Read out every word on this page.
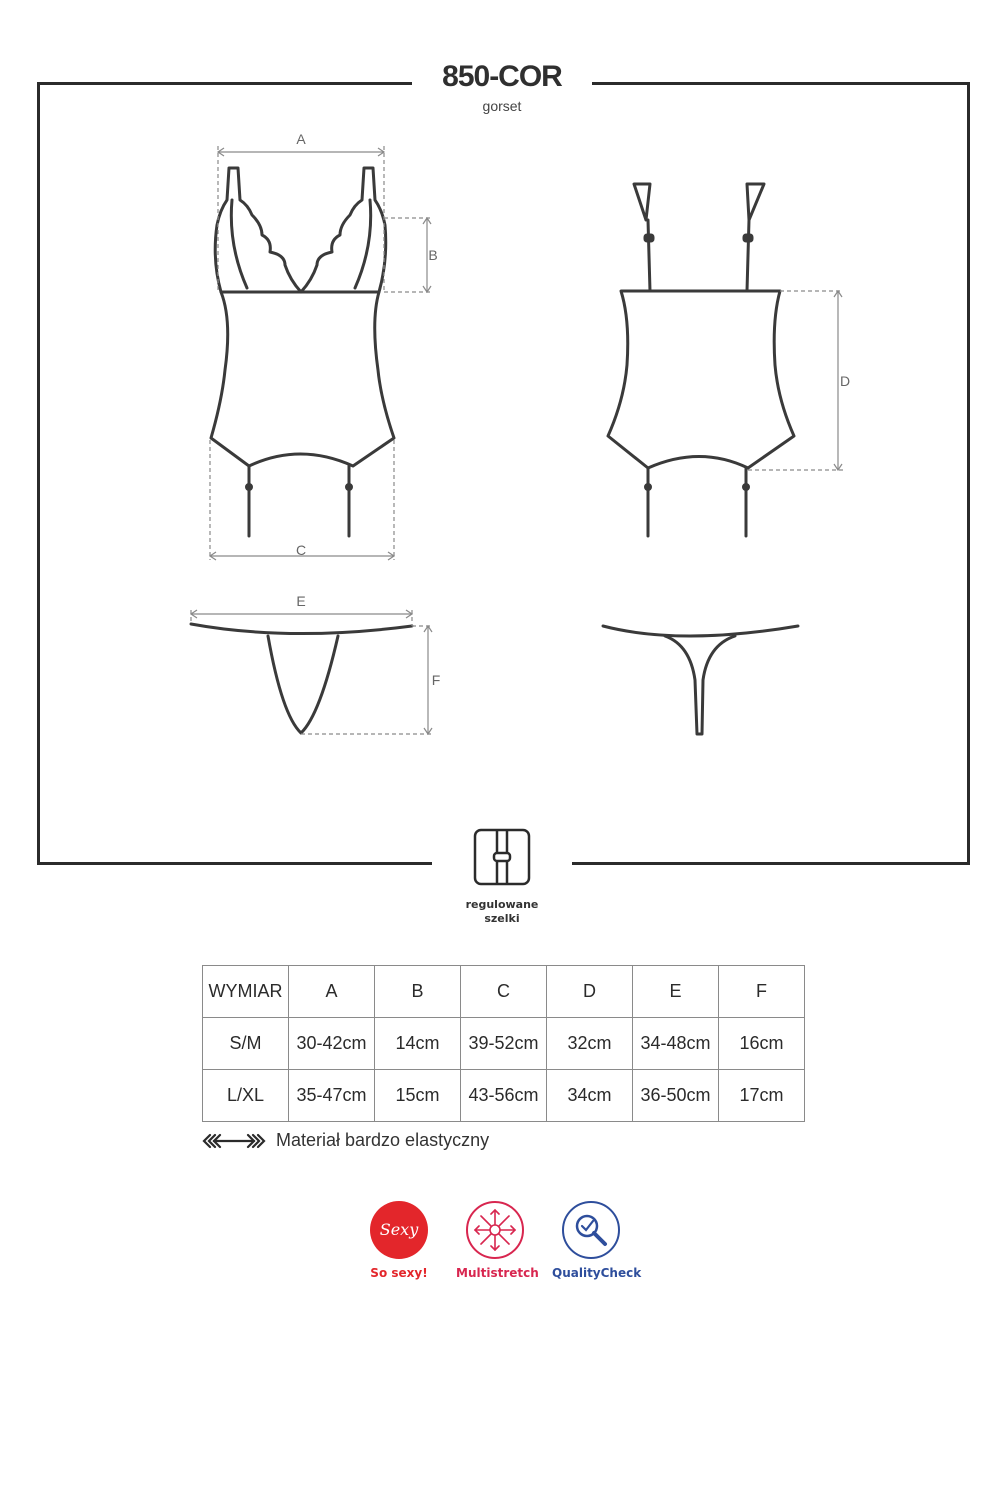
850-COR
gorset
A
B
C
D
E
F
regulowane
szelki
WYMIAR	A	B	C	D	E	F
S/M	30-42cm	14cm	39-52cm	32cm	34-48cm	16cm
L/XL	35-47cm	15cm	43-56cm	34cm	36-50cm	17cm
Materiał bardzo elastyczny
Sexy
So sexy!	Multistretch QualityCheck
